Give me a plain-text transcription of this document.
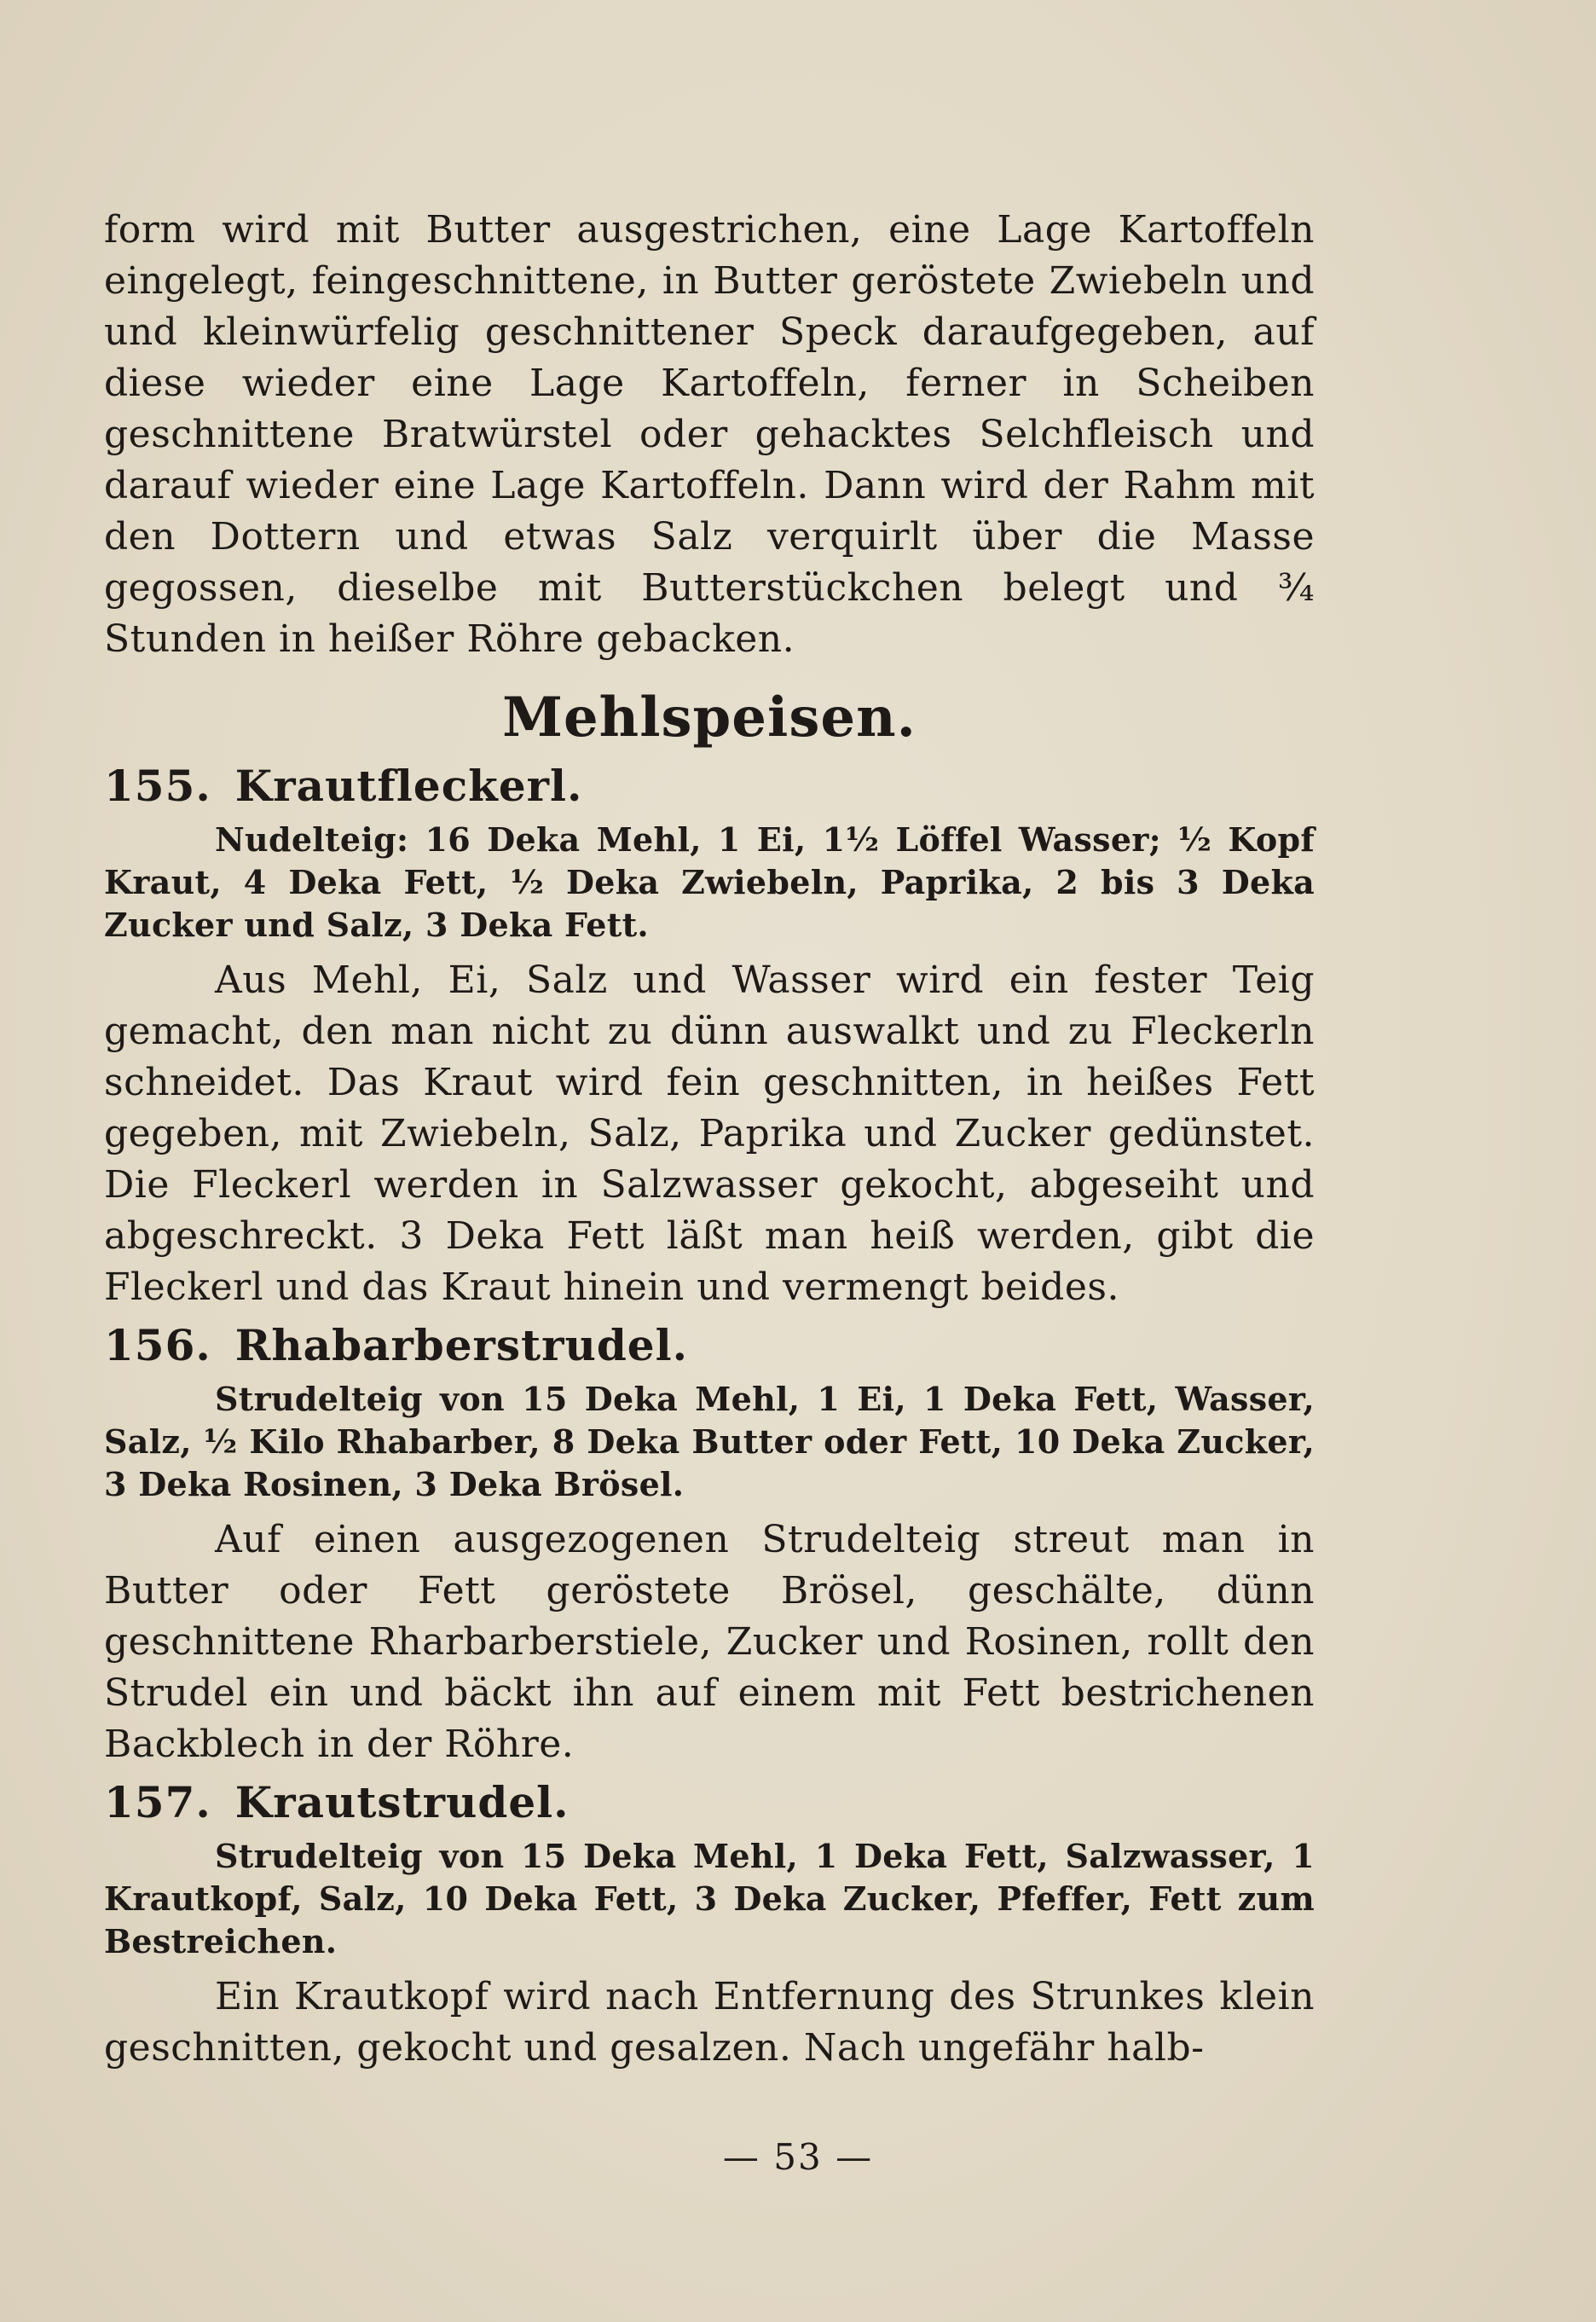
form wird mit Butter ausgestrichen, eine Lage Kartoffeln eingelegt, feingeschnittene, in Butter geröstete Zwiebeln und und kleinwürfelig geschnittener Speck daraufgegeben, auf diese wieder eine Lage Kartoffeln, ferner in Scheiben geschnittene Bratwürstel oder gehacktes Selchfleisch und darauf wieder eine Lage Kartoffeln. Dann wird der Rahm mit den Dottern und etwas Salz verquirlt über die Masse gegossen, dieselbe mit Butterstückchen belegt und ¾ Stunden in heißer Röhre gebacken.

Mehlspeisen.
155. Krautfleckerl.

Nudelteig: 16 Deka Mehl, 1 Ei, 1½ Löffel Wasser; ½ Kopf Kraut, 4 Deka Fett, ½ Deka Zwiebeln, Paprika, 2 bis 3 Deka Zucker und Salz, 3 Deka Fett.

Aus Mehl, Ei, Salz und Wasser wird ein fester Teig gemacht, den man nicht zu dünn auswalkt und zu Fleckerln schneidet. Das Kraut wird fein geschnitten, in heißes Fett gegeben, mit Zwiebeln, Salz, Paprika und Zucker gedünstet. Die Fleckerl werden in Salzwasser gekocht, abgeseiht und abgeschreckt. 3 Deka Fett läßt man heiß werden, gibt die Fleckerl und das Kraut hinein und vermengt beides.

156. Rhabarberstrudel.

Strudelteig von 15 Deka Mehl, 1 Ei, 1 Deka Fett, Wasser, Salz, ½ Kilo Rhabarber, 8 Deka Butter oder Fett, 10 Deka Zucker, 3 Deka Rosinen, 3 Deka Brösel.

Auf einen ausgezogenen Strudelteig streut man in Butter oder Fett geröstete Brösel, geschälte, dünn geschnittene Rharbarberstiele, Zucker und Rosinen, rollt den Strudel ein und bäckt ihn auf einem mit Fett bestrichenen Backblech in der Röhre.

157. Krautstrudel.

Strudelteig von 15 Deka Mehl, 1 Deka Fett, Salzwasser, 1 Krautkopf, Salz, 10 Deka Fett, 3 Deka Zucker, Pfeffer, Fett zum Bestreichen.

Ein Krautkopf wird nach Entfernung des Strunkes klein geschnitten, gekocht und gesalzen. Nach ungefähr halb-

— 53 —
